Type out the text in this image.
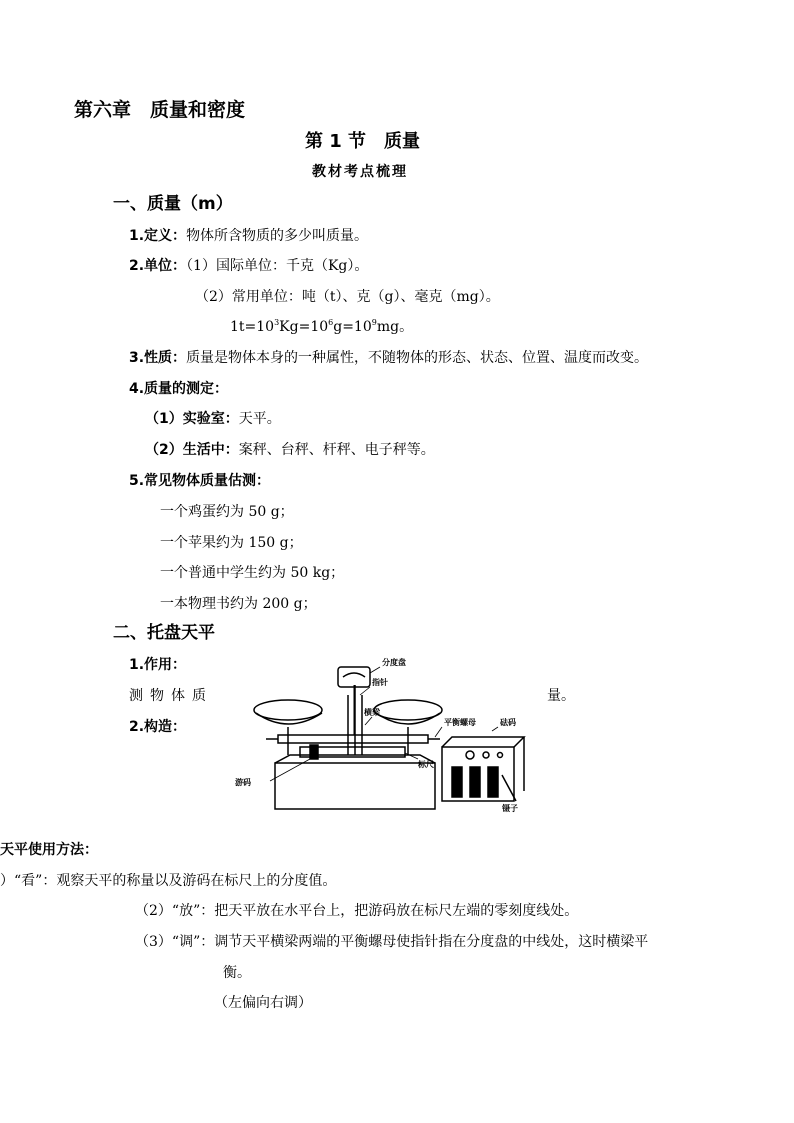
第六章　质量和密度
第 1 节　质量
教材考点梳理
一、质量（m）
1.定义：物体所含物质的多少叫质量。
2.单位：（1）国际单位：千克（Kg）。
（2）常用单位：吨（t）、克（g）、毫克（mg）。
$1t=10^3Kg=10^6g=10^9mg$。
3.性质：质量是物体本身的一种属性，不随物体的形态、状态、位置、温度而改变。
4.质量的测定：
（1）实验室：天平。
（2）生活中：案秤、台秤、杆秤、电子秤等。
5.常见物体质量估测：
一个鸡蛋约为 50 g；
一个苹果约为 150 g；
一个普通中学生约为 50 kg；
一本物理书约为 200 g；
二、托盘天平
1.作用：
测物体质	量。
2.构造：
分度盘
指针
横梁
平衡螺母	砝码
标尺
游码
镊子
天平使用方法：
）“看”：观察天平的称量以及游码在标尺上的分度值。
（2）“放”：把天平放在水平台上，把游码放在标尺左端的零刻度线处。
（3）“调”：调节天平横梁两端的平衡螺母使指针指在分度盘的中线处，这时横梁平
衡。
（左偏向右调）
